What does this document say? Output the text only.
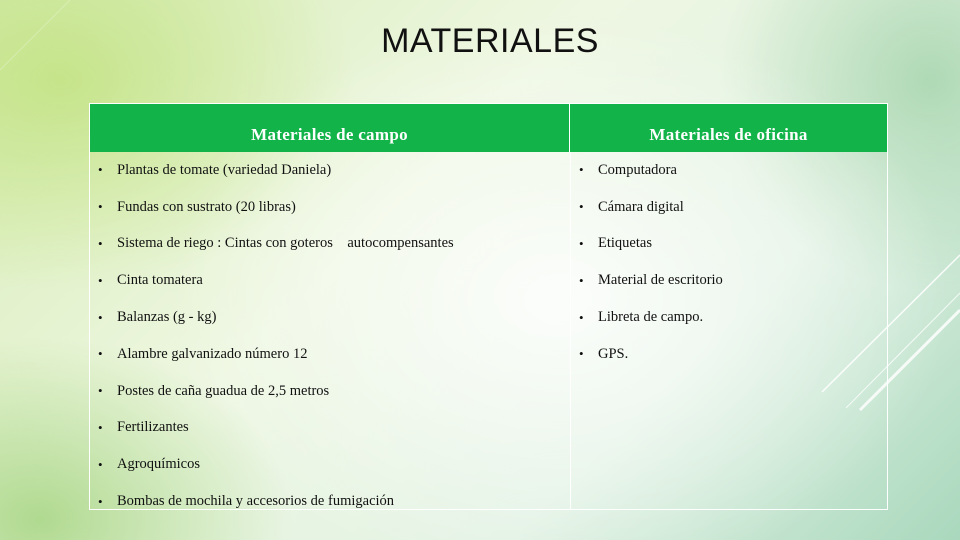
MATERIALES
Materiales de campo	Materiales de oficina
• Plantas de tomate (variedad Daniela)
• Fundas con sustrato (20 libras)
• Sistema de riego : Cintas con goteros    autocompensantes
• Cinta tomatera
• Balanzas (g - kg)
• Alambre galvanizado número 12
• Postes de caña guadua de 2,5 metros
• Fertilizantes
• Agroquímicos
• Bombas de mochila y accesorios de fumigación
• Computadora
• Cámara digital
• Etiquetas
• Material de escritorio
• Libreta de campo.
• GPS.
